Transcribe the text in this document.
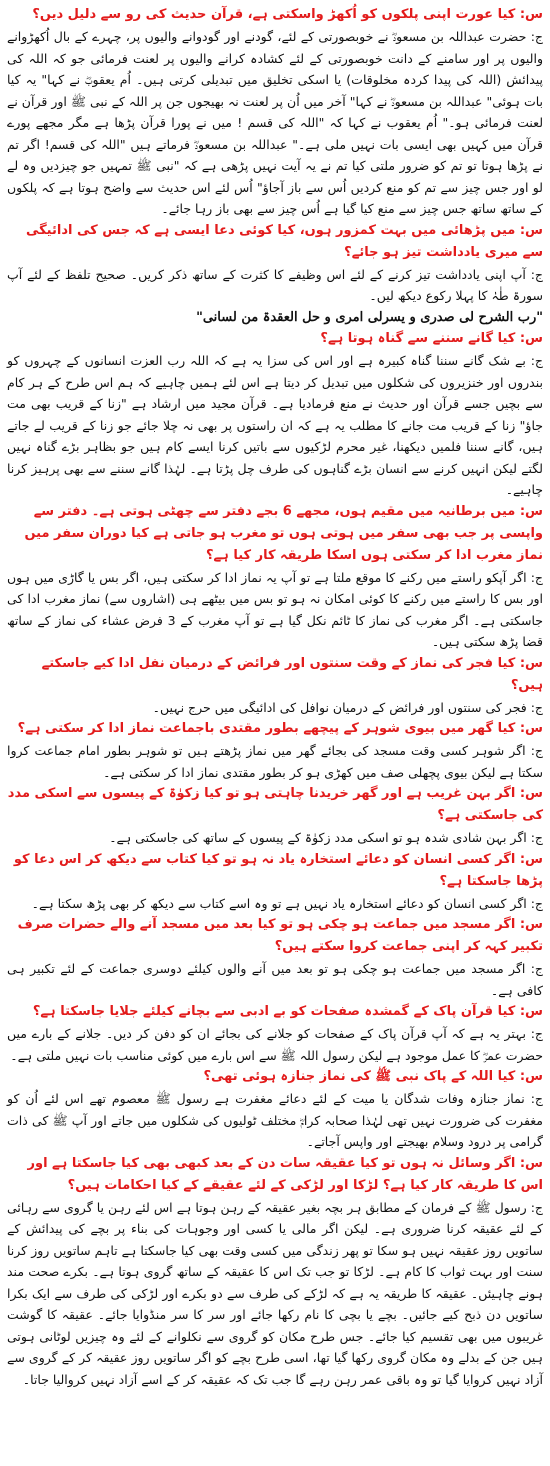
س: کیا عورت اپنی پلکوں کو اُکھڑ واسکتی ہے، قرآن حدیث کی رو سے دلیل دیں؟

ج: حضرت عبداللہ بن مسعودؓ نے خوبصورتی کے لئے، گودنے اور گودوانے والیوں پر، چہرے کے بال اُکھڑوانے والیوں پر اور سامنے کے دانت خوبصورتی کے لئے کشادہ کرانے والیوں پر لعنت فرمائی جو کہ اللہ کی پیدائش (اللہ کی پیدا کردہ مخلوقات) یا اسکی تخلیق میں تبدیلی کرتی ہیں۔ اُم یعقوبؓ نے کہا" یہ کیا بات ہوئی" عبداللہ بن مسعودؓ نے کہا" آخر میں اُن پر لعنت نہ بھیجوں جن پر اللہ کے نبی ﷺ اور قرآن نے لعنت فرمائی ہو۔" اُم یعقوب نے کہا کہ "اللہ کی قسم ! میں نے پورا قرآن پڑھا ہے مگر مجھے پورے قرآن میں کہیں بھی ایسی بات نہیں ملی ہے۔" عبداللہ بن مسعودؓ فرماتے ہیں "اللہ کی قسم! اگر تم نے پڑھا ہوتا تو تم کو ضرور ملتی کیا تم نے یہ آیت نہیں پڑھی ہے کہ "نبی ﷺ تمہیں جو چیزدیں وہ لے لو اور جس چیز سے تم کو منع کردیں اُس سے باز آجاؤ" اُس لئے اس حدیث سے واضح ہوتا ہے کہ پلکوں کے ساتھ ساتھ جس چیز سے منع کیا گیا ہے اُس چیز سے بھی باز رہا جائے۔

س: میں پڑھائی میں بہت کمزور ہوں، کیا کوئی دعا ایسی ہے کہ جس کی ادائیگی سے میری یادداشت تیز ہو جائے؟

ج: آپ اپنی یادداشت تیز کرنے کے لئے اس وظیفے کا کثرت کے ساتھ ذکر کریں۔ صحیح تلفظ کے لئے آپ سورۃ طٰہٰ کا پہلا رکوع دیکھ لیں۔

"رب الشرح لی صدری و یسرلی امری و حل العقدۃ من لسانی"

س: کیا گانے سننے سے گناہ ہوتا ہے؟

ج: بے شک گانے سننا گناہ کبیرہ ہے اور اس کی سزا یہ ہے کہ اللہ رب العزت انسانوں کے چہروں کو بندروں اور خنزیروں کی شکلوں میں تبدیل کر دیتا ہے اس لئے ہمیں چاہیے کہ ہم اس طرح کے ہر کام سے بچیں جسے قرآن اور حدیث نے منع فرمادیا ہے۔ قرآن مجید میں ارشاد ہے "زنا کے قریب بھی مت جاؤ" زنا کے قریب مت جانے کا مطلب یہ ہے کہ ان راستوں پر بھی نہ چلا جائے جو زنا کے قریب لے جاتے ہیں، گانے سننا فلمیں دیکھنا، غیر محرم لڑکیوں سے باتیں کرنا ایسے کام ہیں جو بظاہر بڑے گناہ نہیں لگتے لیکن انہیں کرنے سے انسان بڑے گناہوں کی طرف چل پڑتا ہے۔ لہٰذا گانے سننے سے بھی پرہیز کرنا چاہیے۔

س: میں برطانیہ میں مقیم ہوں، مجھے 6 بجے دفتر سے چھٹی ہوتی ہے۔ دفتر سے واپسی پر جب بھی سفر میں ہوتی ہوں تو مغرب ہو جاتی ہے کیا دوران سفر میں نماز مغرب ادا کر سکتی ہوں اسکا طریقہ کار کیا ہے؟

ج: اگر آپکو راستے میں رکنے کا موقع ملتا ہے تو آپ یہ نماز ادا کر سکتی ہیں، اگر بس یا گاڑی میں ہوں اور بس کا راستے میں رکنے کا کوئی امکان نہ ہو تو بس میں بیٹھے ہی (اشاروں سے) نماز مغرب ادا کی جاسکتی ہے۔ اگر مغرب کی نماز کا ٹائم نکل گیا ہے تو آپ مغرب کے 3 فرض عشاء کی نماز کے ساتھ قضا پڑھ سکتی ہیں۔

س: کیا فجر کی نماز کے وقت سنتوں اور فرائض کے درمیان نفل ادا کیے جاسکتے ہیں؟

ج: فجر کی سنتوں اور فرائض کے درمیان نوافل کی ادائیگی میں حرج نہیں۔

س: کیا گھر میں بیوی شوہر کے پیچھے بطور مقتدی باجماعت نماز ادا کر سکتی ہے؟

ج: اگر شوہر کسی وقت مسجد کی بجائے گھر میں نماز پڑھتے ہیں تو شوہر بطور امام جماعت کروا سکتا ہے لیکن بیوی پچھلی صف میں کھڑی ہو کر بطور مقتدی نماز ادا کر سکتی ہے۔

س: اگر بہن غریب ہے اور گھر خریدنا چاہتی ہو تو کیا زکوٰۃ کے پیسوں سے اسکی مدد کی جاسکتی ہے؟

ج: اگر بہن شادی شدہ ہو تو اسکی مدد زکوٰۃ کے پیسوں کے ساتھ کی جاسکتی ہے۔

س: اگر کسی انسان کو دعائے استخارہ یاد نہ ہو تو کیا کتاب سے دیکھ کر اس دعا کو پڑھا جاسکتا ہے؟

ج: اگر کسی انسان کو دعائے استخارہ یاد نہیں ہے تو وہ اسے کتاب سے دیکھ کر بھی پڑھ سکتا ہے۔

س: اگر مسجد میں جماعت ہو چکی ہو تو کیا بعد میں مسجد آنے والے حضرات صرف تکبیر کہہ کر اپنی جماعت کروا سکتے ہیں؟

ج: اگر مسجد میں جماعت ہو چکی ہو تو بعد میں آنے والوں کیلئے دوسری جماعت کے لئے تکبیر ہی کافی ہے۔

س: کیا قرآن پاک کے گمشدہ صفحات کو بے ادبی سے بچانے کیلئے جلایا جاسکتا ہے؟

ج: بہتر یہ ہے کہ آپ قرآن پاک کے صفحات کو جلانے کی بجائے ان کو دفن کر دیں۔ جلانے کے بارے میں حضرت عمرؓ کا عمل موجود ہے لیکن رسول اللہ ﷺ سے اس بارے میں کوئی مناسب بات نہیں ملتی ہے۔

س: کیا اللہ کے پاک نبی ﷺ کی نماز جنازہ ہوئی تھی؟

ج: نماز جنازہ وفات شدگان یا میت کے لئے دعائے مغفرت ہے رسول ﷺ معصوم تھے اس لئے اُن کو مغفرت کی ضرورت نہیں تھی لہٰذا صحابہ کرامؓ مختلف ٹولیوں کی شکلوں میں جاتے اور آپ ﷺ کی ذات گرامی پر درود وسلام بھیجتے اور واپس آجاتے۔

س: اگر وسائل نہ ہوں تو کیا عقیقہ سات دن کے بعد کبھی بھی کیا جاسکتا ہے اور اس کا طریقہ کار کیا ہے؟ لڑکا اور لڑکی کے لئے عقیقے کے کیا احکامات ہیں؟

ج: رسول ﷺ کے فرمان کے مطابق ہر بچہ بغیر عقیقہ کے رہن ہوتا ہے اس لئے رہن یا گروی سے رہائی کے لئے عقیقہ کرنا ضروری ہے۔ لیکن اگر مالی یا کسی اور وجوہات کی بناء پر بچے کی پیدائش کے ساتویں روز عقیقہ نہیں ہو سکا تو پھر زندگی میں کسی وقت بھی کیا جاسکتا ہے تاہم ساتویں روز کرنا سنت اور بہت ثواب کا کام ہے۔ لڑکا تو جب تک اس کا عقیقہ کے ساتھ گروی ہوتا ہے۔ بکرے صحت مند ہونے چاہیئں۔ عقیقہ کا طریقہ یہ ہے کہ لڑکے کی طرف سے دو بکرے اور لڑکی کی طرف سے ایک بکرا ساتویں دن ذبح کیے جائیں۔ بچے یا بچی کا نام رکھا جائے اور سر کا سر منڈوایا جائے۔ عقیقہ کا گوشت غریبوں میں بھی تقسیم کیا جائے۔ جس طرح مکان کو گروی سے نکلوانے کے لئے وہ چیزیں لوٹانی ہوتی ہیں جن کے بدلے وہ مکان گروی رکھا گیا تھا، اسی طرح بچے کو اگر ساتویں روز عقیقہ کر کے گروی سے آزاد نہیں کروایا گیا تو وہ باقی عمر رہن رہے گا جب تک کہ عقیقہ کر کے اسے آزاد نہیں کروالیا جاتا۔
